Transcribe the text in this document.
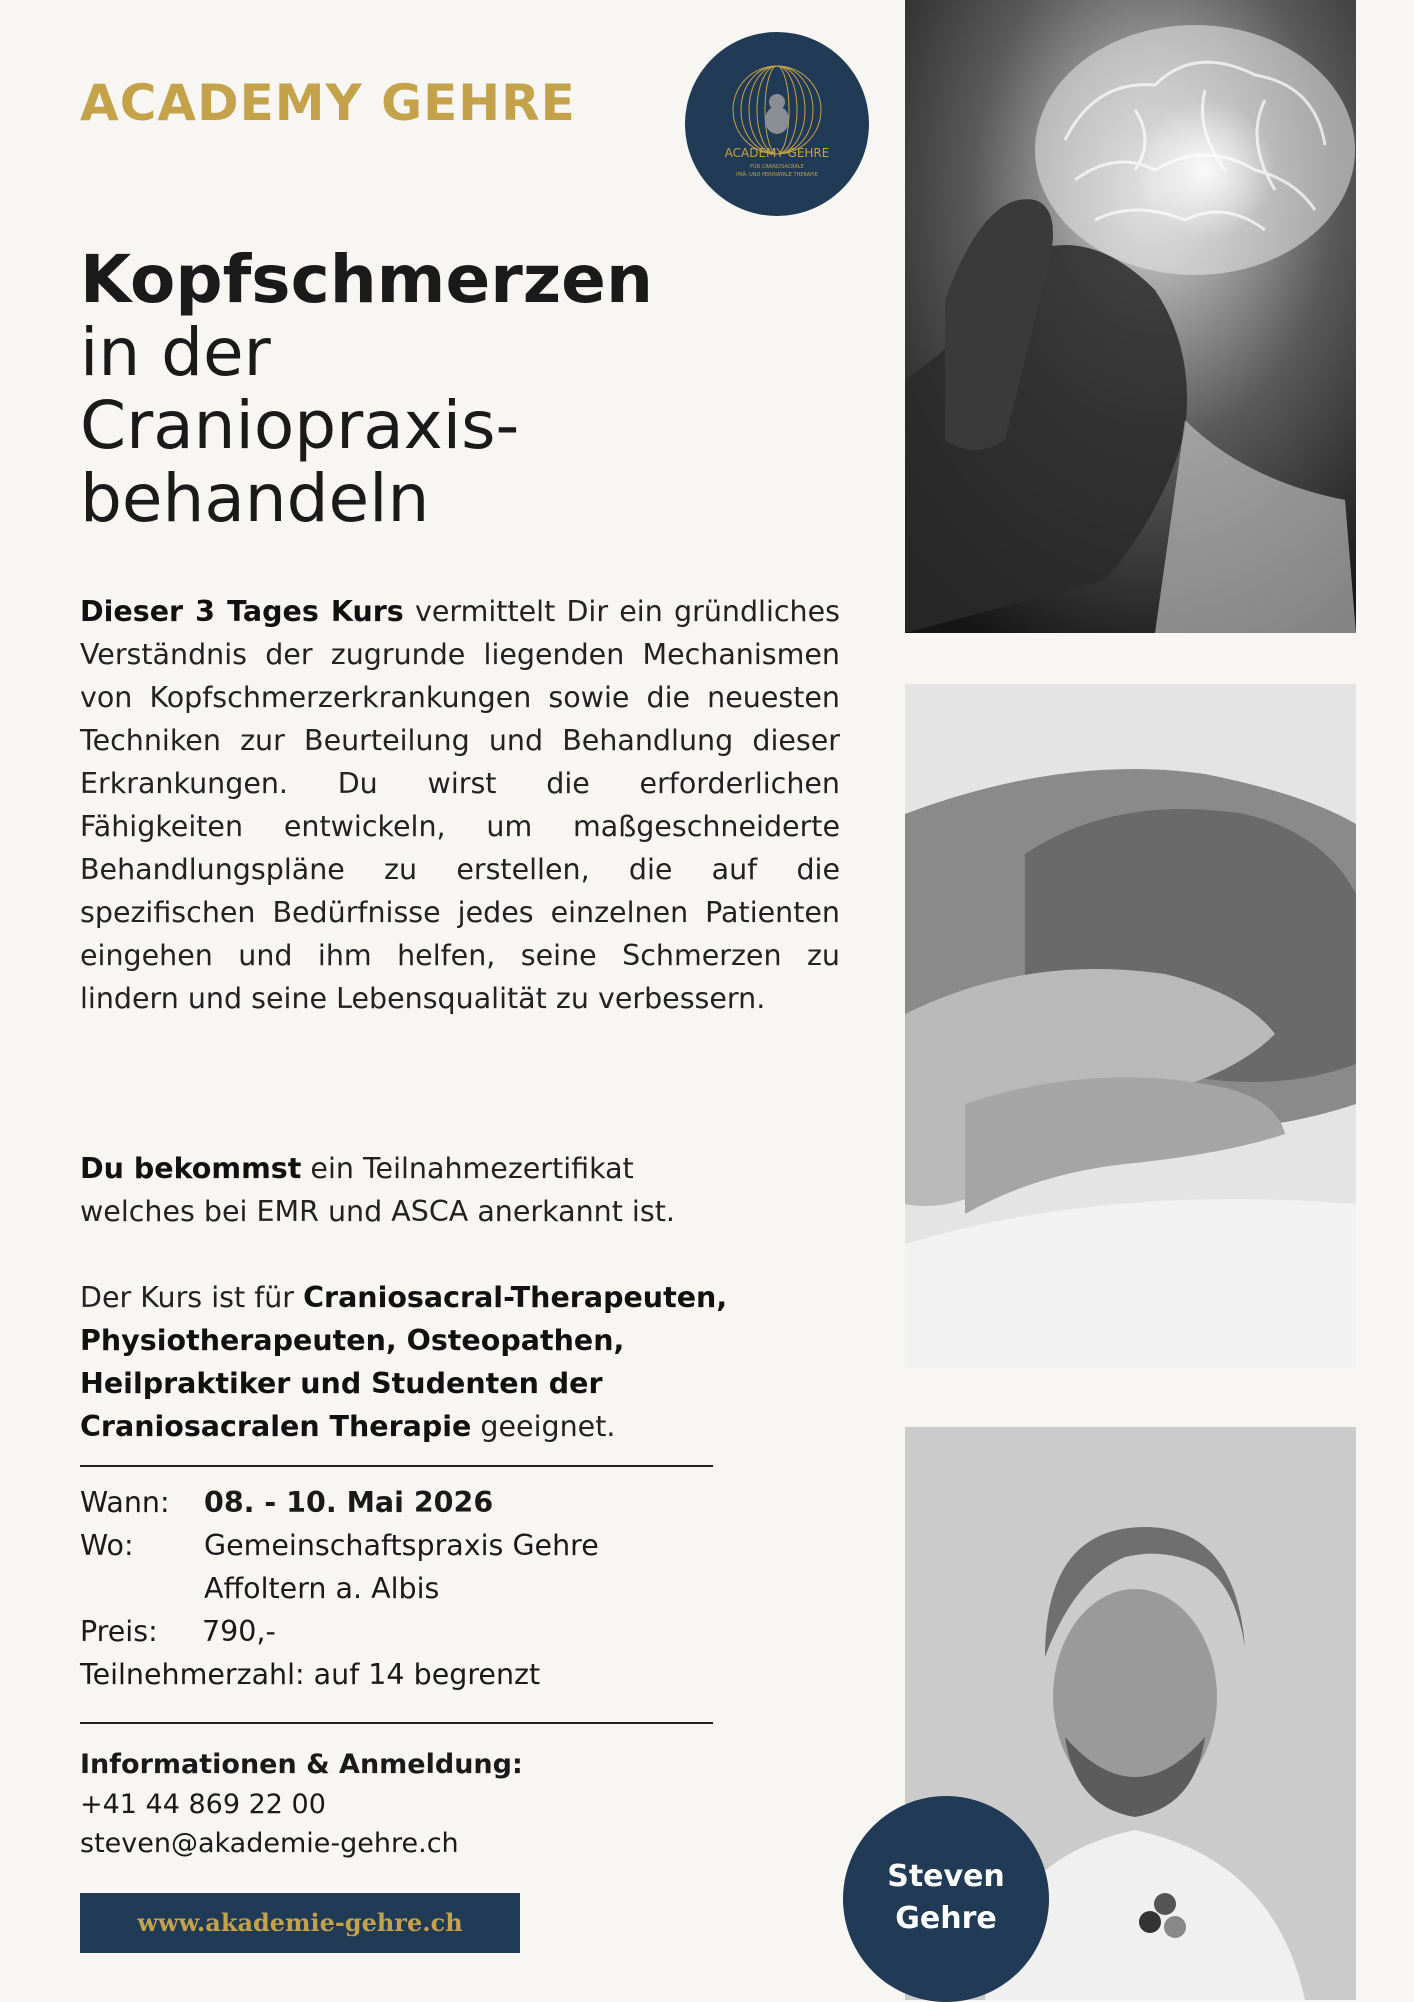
ACADEMY GEHRE
ACADEMY GEHRE
FÜR CRANIOSACRALE
PRÄ- UND PERINATALE THERAPIE
Kopfschmerzen
in der
Craniopraxis-
behandeln
Dieser 3 Tages Kurs vermittelt Dir ein gründliches Verständnis der zugrunde liegenden Mechanismen von Kopfschmerzerkrankungen sowie die neuesten Techniken zur Beurteilung und Behandlung dieser Erkrankungen. Du wirst die erforderlichen Fähigkeiten entwickeln, um maßgeschneiderte Behandlungspläne zu erstellen, die auf die spezifischen Bedürfnisse jedes einzelnen Patienten eingehen und ihm helfen, seine Schmerzen zu lindern und seine Lebensqualität zu verbessern.
Du bekommst ein Teilnahmezertifikat
welches bei EMR und ASCA anerkannt ist.
Der Kurs ist für Craniosacral-Therapeuten,
Physiotherapeuten, Osteopathen,
Heilpraktiker und Studenten der
Craniosacralen Therapie geeignet.
Wann: 08. - 10. Mai 2026
Wo: Gemeinschaftspraxis Gehre
Affoltern a. Albis
Preis: 790,-
Teilnehmerzahl: auf 14 begrenzt
Informationen & Anmeldung:
+41 44 869 22 00
steven@akademie-gehre.ch
www.akademie-gehre.ch
Steven
Gehre
